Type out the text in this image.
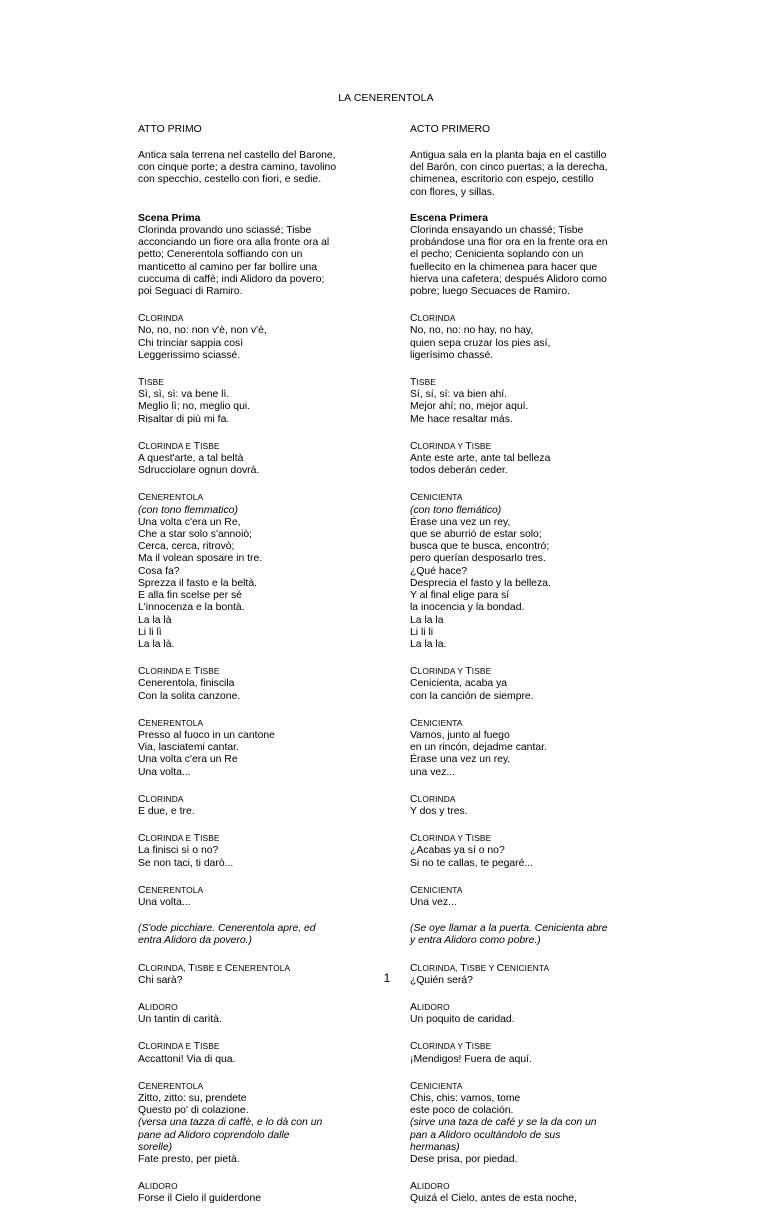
LA CENERENTOLA
ATTO PRIMO	ACTO PRIMERO
Antica sala terrena nel castello del Barone,
con cinque porte; a destra camino, tavolino
con specchio, cestello con fiori, e sedie.
Antigua sala en la planta baja en el castillo
del Barón, con cinco puertas; a la derecha,
chimenea, escritorio con espejo, cestillo
con flores, y sillas.
Scena Prima
Clorinda provando uno sciassé; Tisbe
acconciando un fiore ora alla fronte ora al
petto; Cenerentola soffiando con un
manticetto al camino per far bollire una
cuccuma di caffè; indi Alidoro da povero;
poi Seguaci di Ramiro.
Escena Primera
Clorinda ensayando un chassé; Tisbe
probándose una flor ora en la frente ora en
el pecho; Cenicienta soplando con un
fuellecito en la chimenea para hacer que
hierva una cafetera; después Alidoro como
pobre; luego Secuaces de Ramiro.
CLORINDA
No, no, no: non v'è, non v'è,
Chi trinciar sappia così
Leggerissimo sciassé.
CLORINDA
No, no, no: no hay, no hay,
quien sepa cruzar los pies así,
ligerísimo chassé.
TISBE
Sì, sì, sì: va bene lì.
Meglio lì; no, meglio qui.
Risaltar di più mi fa.
TISBE
Sí, sí, sí: va bien ahí.
Mejor ahí; no, mejor aquí.
Me hace resaltar más.
CLORINDA E TISBE
A quest'arte, a tal beltà
Sdrucciolare ognun dovrà.
CLORINDA Y TISBE
Ante este arte, ante tal belleza
todos deberán ceder.
CENERENTOLA
(con tono flemmatico)
Una volta c'era un Re,
Che a star solo s'annoiò;
Cerca, cerca, ritrovò;
Ma il volean sposare in tre.
Cosa fa?
Sprezza il fasto e la beltà.
E alla fin scelse per sé
L'innocenza e la bontà.
La la là
Li li lì
La la là.
CENICIENTA
(con tono flemático)
Érase una vez un rey,
que se aburrió de estar solo;
busca que te busca, encontró;
pero querían desposarlo tres.
¿Qué hace?
Desprecia el fasto y la belleza.
Y al final elige para sí
la inocencia y la bondad.
La la la
Li li li
La la la.
CLORINDA E TISBE
Cenerentola, finiscila
Con la solita canzone.
CLORINDA Y TISBE
Cenicienta, acaba ya
con la canción de siempre.
CENERENTOLA
Presso al fuoco in un cantone
Via, lasciatemi cantar.
Una volta c'era un Re
Una volta...
CENICIENTA
Vamos, junto al fuego
en un rincón, dejadme cantar.
Érase una vez un rey,
una vez...
CLORINDA
E due, e tre.
CLORINDA
Y dos y tres.
CLORINDA E TISBE
La finisci sì o no?
Se non taci, ti darò...
CLORINDA Y TISBE
¿Acabas ya sí o no?
Si no te callas, te pegaré...
CENERENTOLA
Una volta...
CENICIENTA
Una vez...
(S'ode picchiare. Cenerentola apre, ed
entra Alidoro da povero.)
(Se oye llamar a la puerta. Cenicienta abre
y entra Alidoro como pobre.)
CLORINDA, TISBE E CENERENTOLA
Chi sarà?
CLORINDA, TISBE Y CENICIENTA
¿Quién será?
ALIDORO
Un tantin di carità.
ALIDORO
Un poquito de caridad.
CLORINDA E TISBE
Accattoni! Via di qua.
CLORINDA Y TISBE
¡Mendigos! Fuera de aquí.
CENERENTOLA
Zitto, zitto: su, prendete
Questo po' di colazione.
(versa una tazza di caffè, e lo dà con un
pane ad Alidoro coprendolo dalle
sorelle)
Fate presto, per pietà.
CENICIENTA
Chis, chis: vamos, tome
este poco de colación.
(sirve una taza de café y se la da con un
pan a Alidoro ocultándolo de sus
hermanas)
Dese prisa, por piedad.
ALIDORO
Forse il Cielo il guiderdone
ALIDORO
Quizá el Cielo, antes de esta noche,
1
